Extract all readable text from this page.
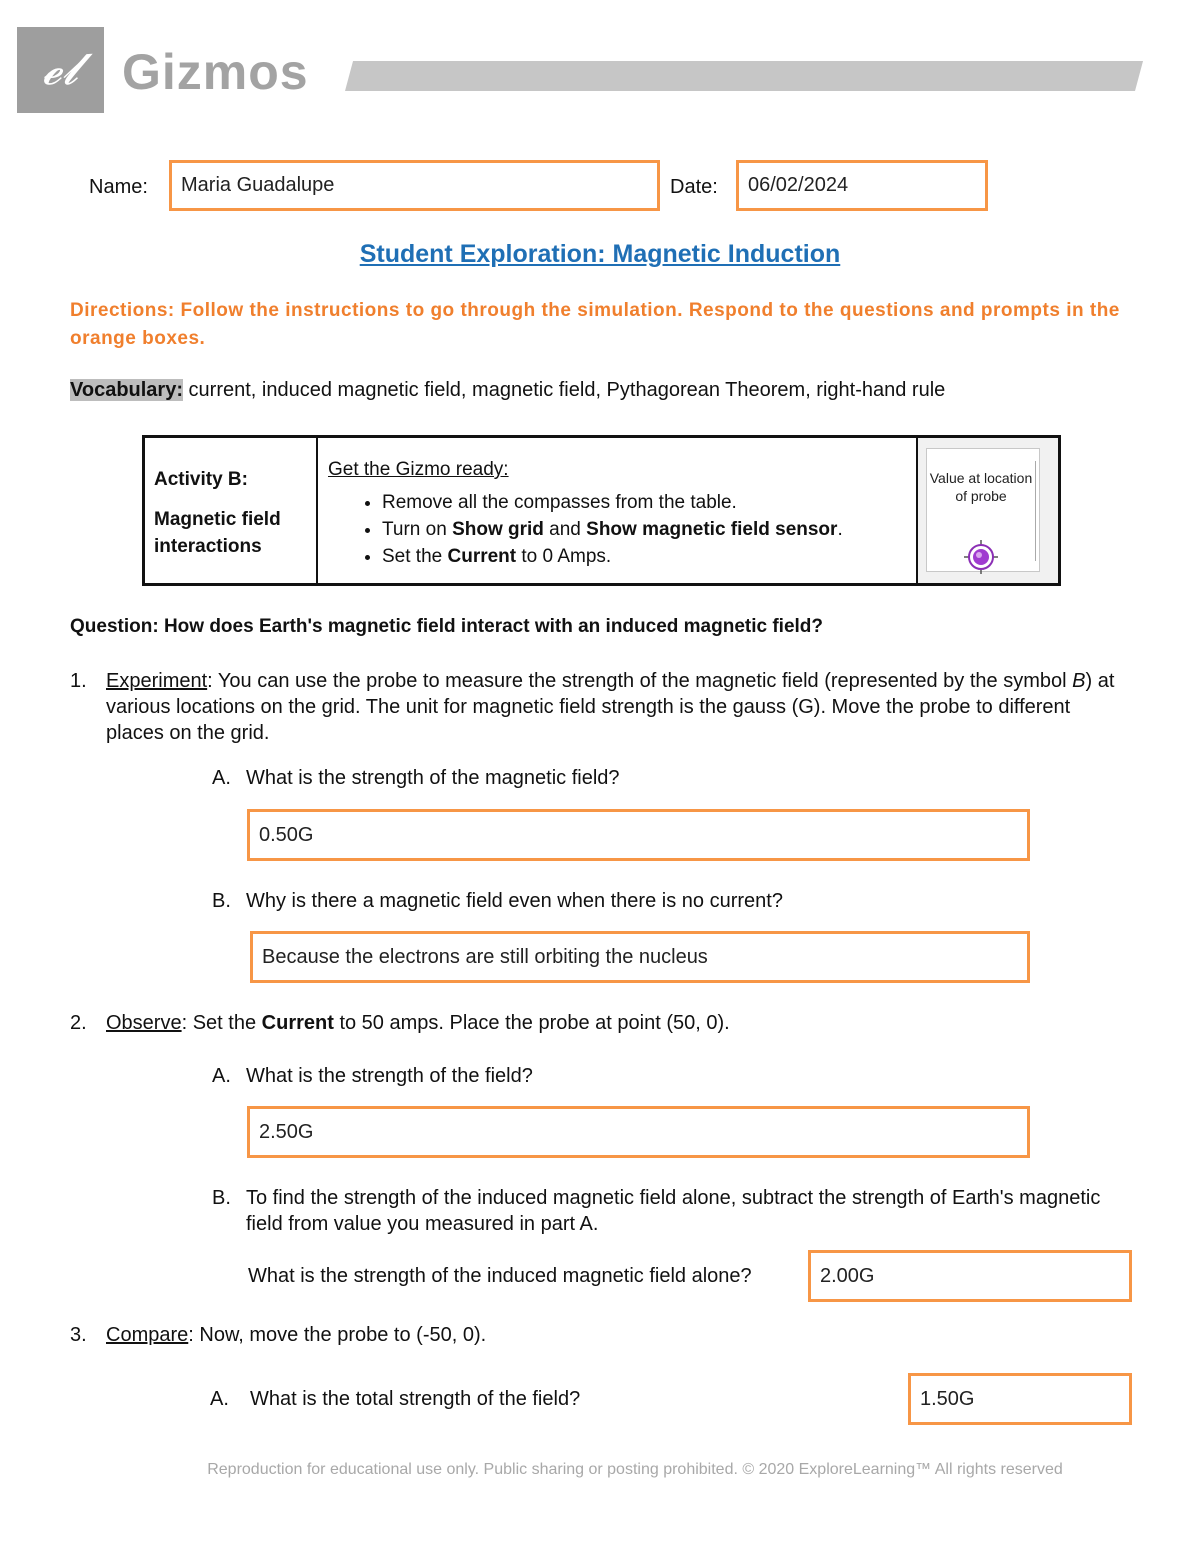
𝓮𝓵 Gizmos
Name:	Maria Guadalupe	Date:	06/02/2024
Student Exploration: Magnetic Induction
Directions: Follow the instructions to go through the simulation. Respond to the questions and prompts in the orange boxes.
Vocabulary: current, induced magnetic field, magnetic field, Pythagorean Theorem, right-hand rule
Activity B:
Magnetic field interactions
Get the Gizmo ready:
• Remove all the compasses from the table.
• Turn on Show grid and Show magnetic field sensor.
• Set the Current to 0 Amps.
Value at location of probe
Question: How does Earth's magnetic field interact with an induced magnetic field?
1. Experiment: You can use the probe to measure the strength of the magnetic field (represented by the symbol B) at various locations on the grid. The unit for magnetic field strength is the gauss (G). Move the probe to different places on the grid.
A. What is the strength of the magnetic field?
0.50G
B. Why is there a magnetic field even when there is no current?
Because the electrons are still orbiting the nucleus
2. Observe: Set the Current to 50 amps. Place the probe at point (50, 0).
A. What is the strength of the field?
2.50G
B. To find the strength of the induced magnetic field alone, subtract the strength of Earth's magnetic field from value you measured in part A.
What is the strength of the induced magnetic field alone?	2.00G
3. Compare: Now, move the probe to (-50, 0).
A. What is the total strength of the field?	1.50G
Reproduction for educational use only. Public sharing or posting prohibited. © 2020 ExploreLearning™ All rights reserved
